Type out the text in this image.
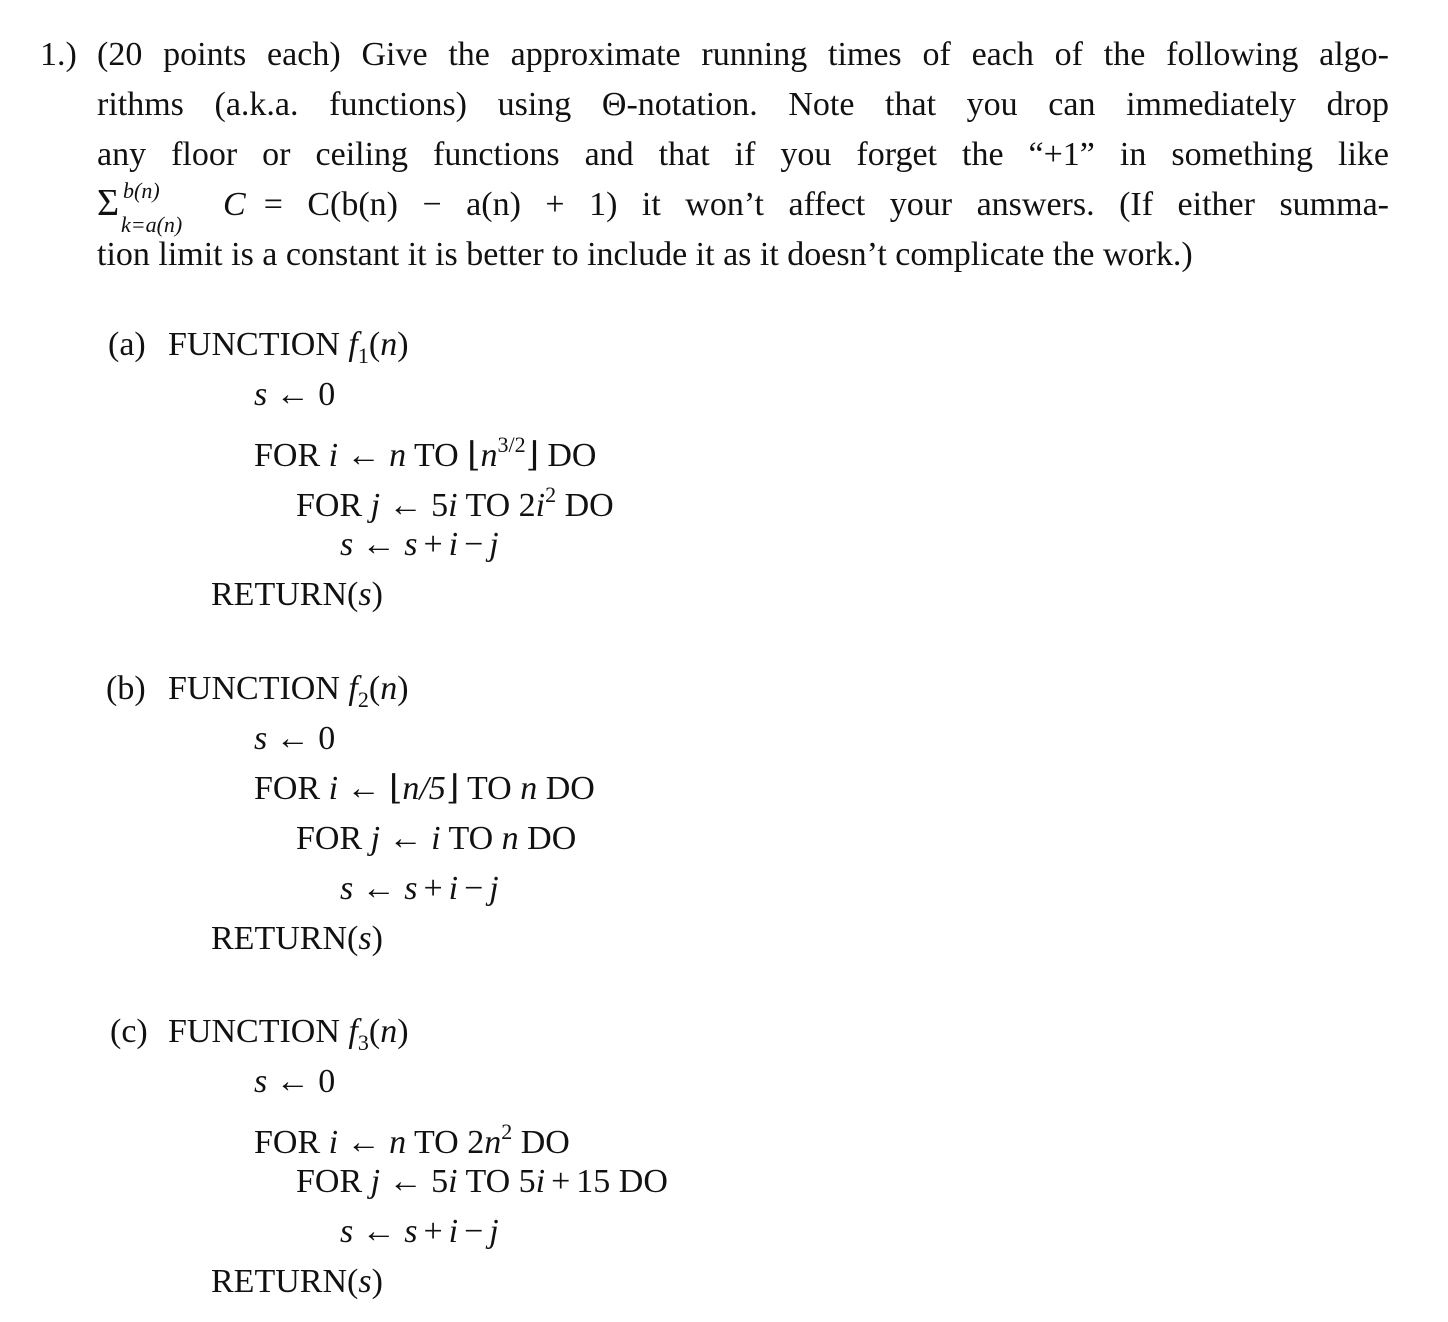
1.) (20 points each) Give the approximate running times of each of the following algo-
rithms (a.k.a. functions) using Θ-notation. Note that you can immediately drop
any floor or ceiling functions and that if you forget the “+1” in something like
Σ b(n)
k=a(n)
C = C(b(n) − a(n) + 1) it won’t affect your answers. (If either summa-
tion limit is a constant it is better to include it as it doesn’t complicate the work.)
(a) FUNCTION $f_1(n)$
s ← 0
FOR i ← n TO $⌊n^{3/2}⌋$ DO
FOR j ← 5i TO $2i^2$ DO
s ← s + i − j
RETURN(s)
(b) FUNCTION $f_2(n)$
s ← 0
FOR i ← ⌊n/5⌋ TO n DO
FOR j ← i TO n DO
s ← s + i − j
RETURN(s)
(c) FUNCTION $f_3(n)$
s ← 0
FOR i ← n TO $2n^2$ DO
FOR j ← 5i TO 5i + 15 DO
s ← s + i − j
RETURN(s)
